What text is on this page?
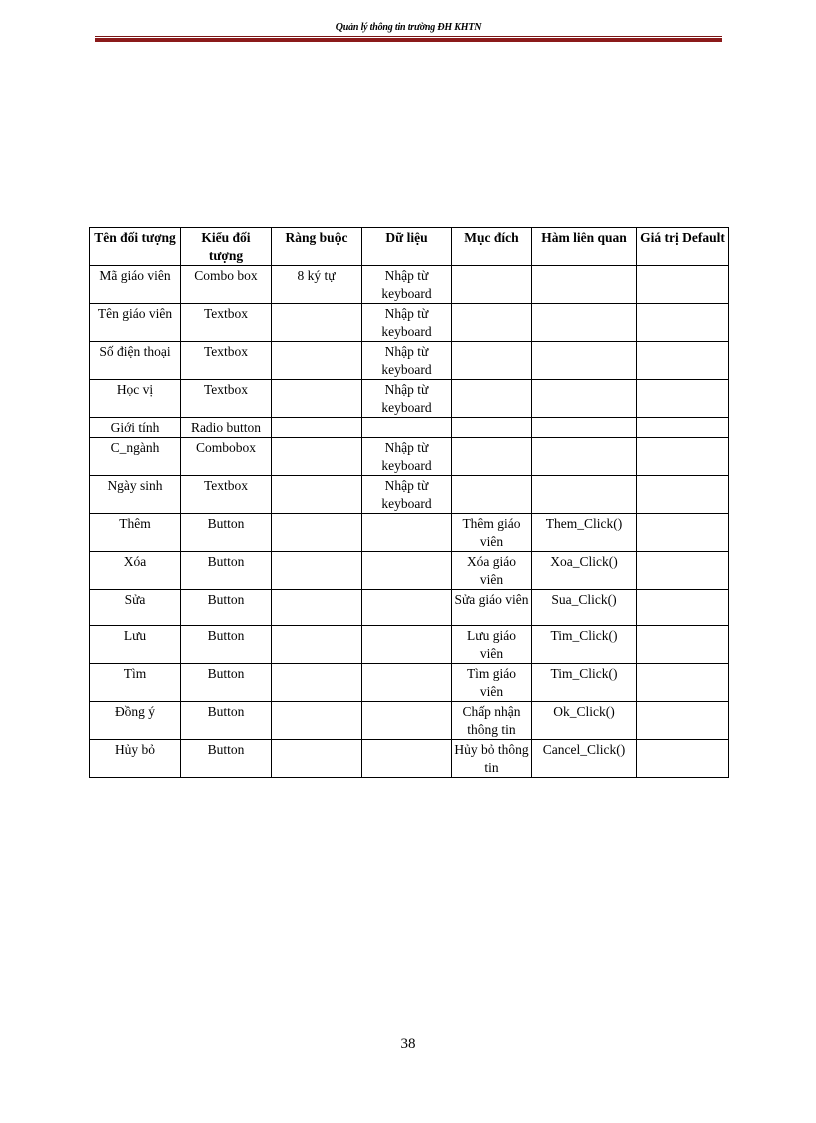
Quản lý thông tin trường ĐH KHTN
Tên đối tượng	Kiểu đối tượng	Ràng buộc	Dữ liệu	Mục đích	Hàm liên quan	Giá trị Default
Mã giáo viên	Combo box	8 ký tự	Nhập từ keyboard			
Tên giáo viên	Textbox		Nhập từ keyboard			
Số điện thoại	Textbox		Nhập từ keyboard			
Học vị	Textbox		Nhập từ keyboard			
Giới tính	Radio button					
C_ngành	Combobox		Nhập từ keyboard			
Ngày sinh	Textbox		Nhập từ keyboard			
Thêm	Button			Thêm giáo viên	Them_Click()	
Xóa	Button			Xóa giáo viên	Xoa_Click()	
Sửa	Button			Sửa giáo viên	Sua_Click()	
Lưu	Button			Lưu giáo viên	Tim_Click()	
Tìm	Button			Tìm giáo viên	Tim_Click()	
Đồng ý	Button			Chấp nhận thông tin	Ok_Click()	
Hủy bỏ	Button			Hủy bỏ thông tin	Cancel_Click()	
38
